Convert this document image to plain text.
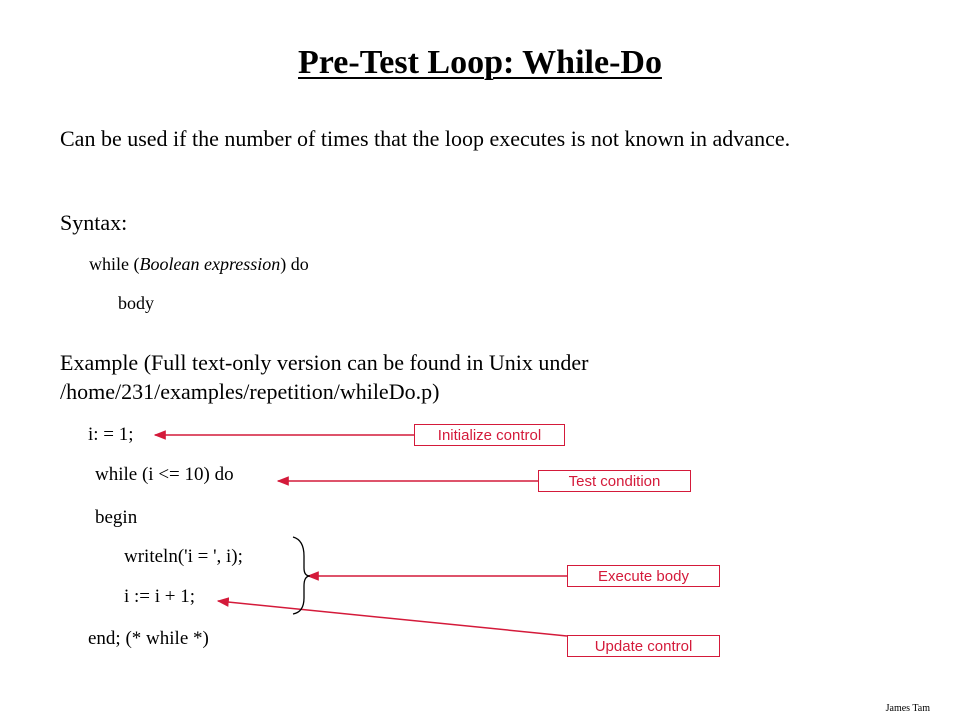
Pre-Test Loop: While-Do
Can be used if the number of times that the loop executes is not known in advance.
Syntax:
while (Boolean expression) do
body
Example (Full text-only version can be found in Unix under /home/231/examples/repetition/whileDo.p)
i: = 1;
while (i <= 10) do
begin
writeln('i = ', i);
i := i + 1;
end; (* while *)
Initialize control
Test condition
Execute body
Update control
James Tam
